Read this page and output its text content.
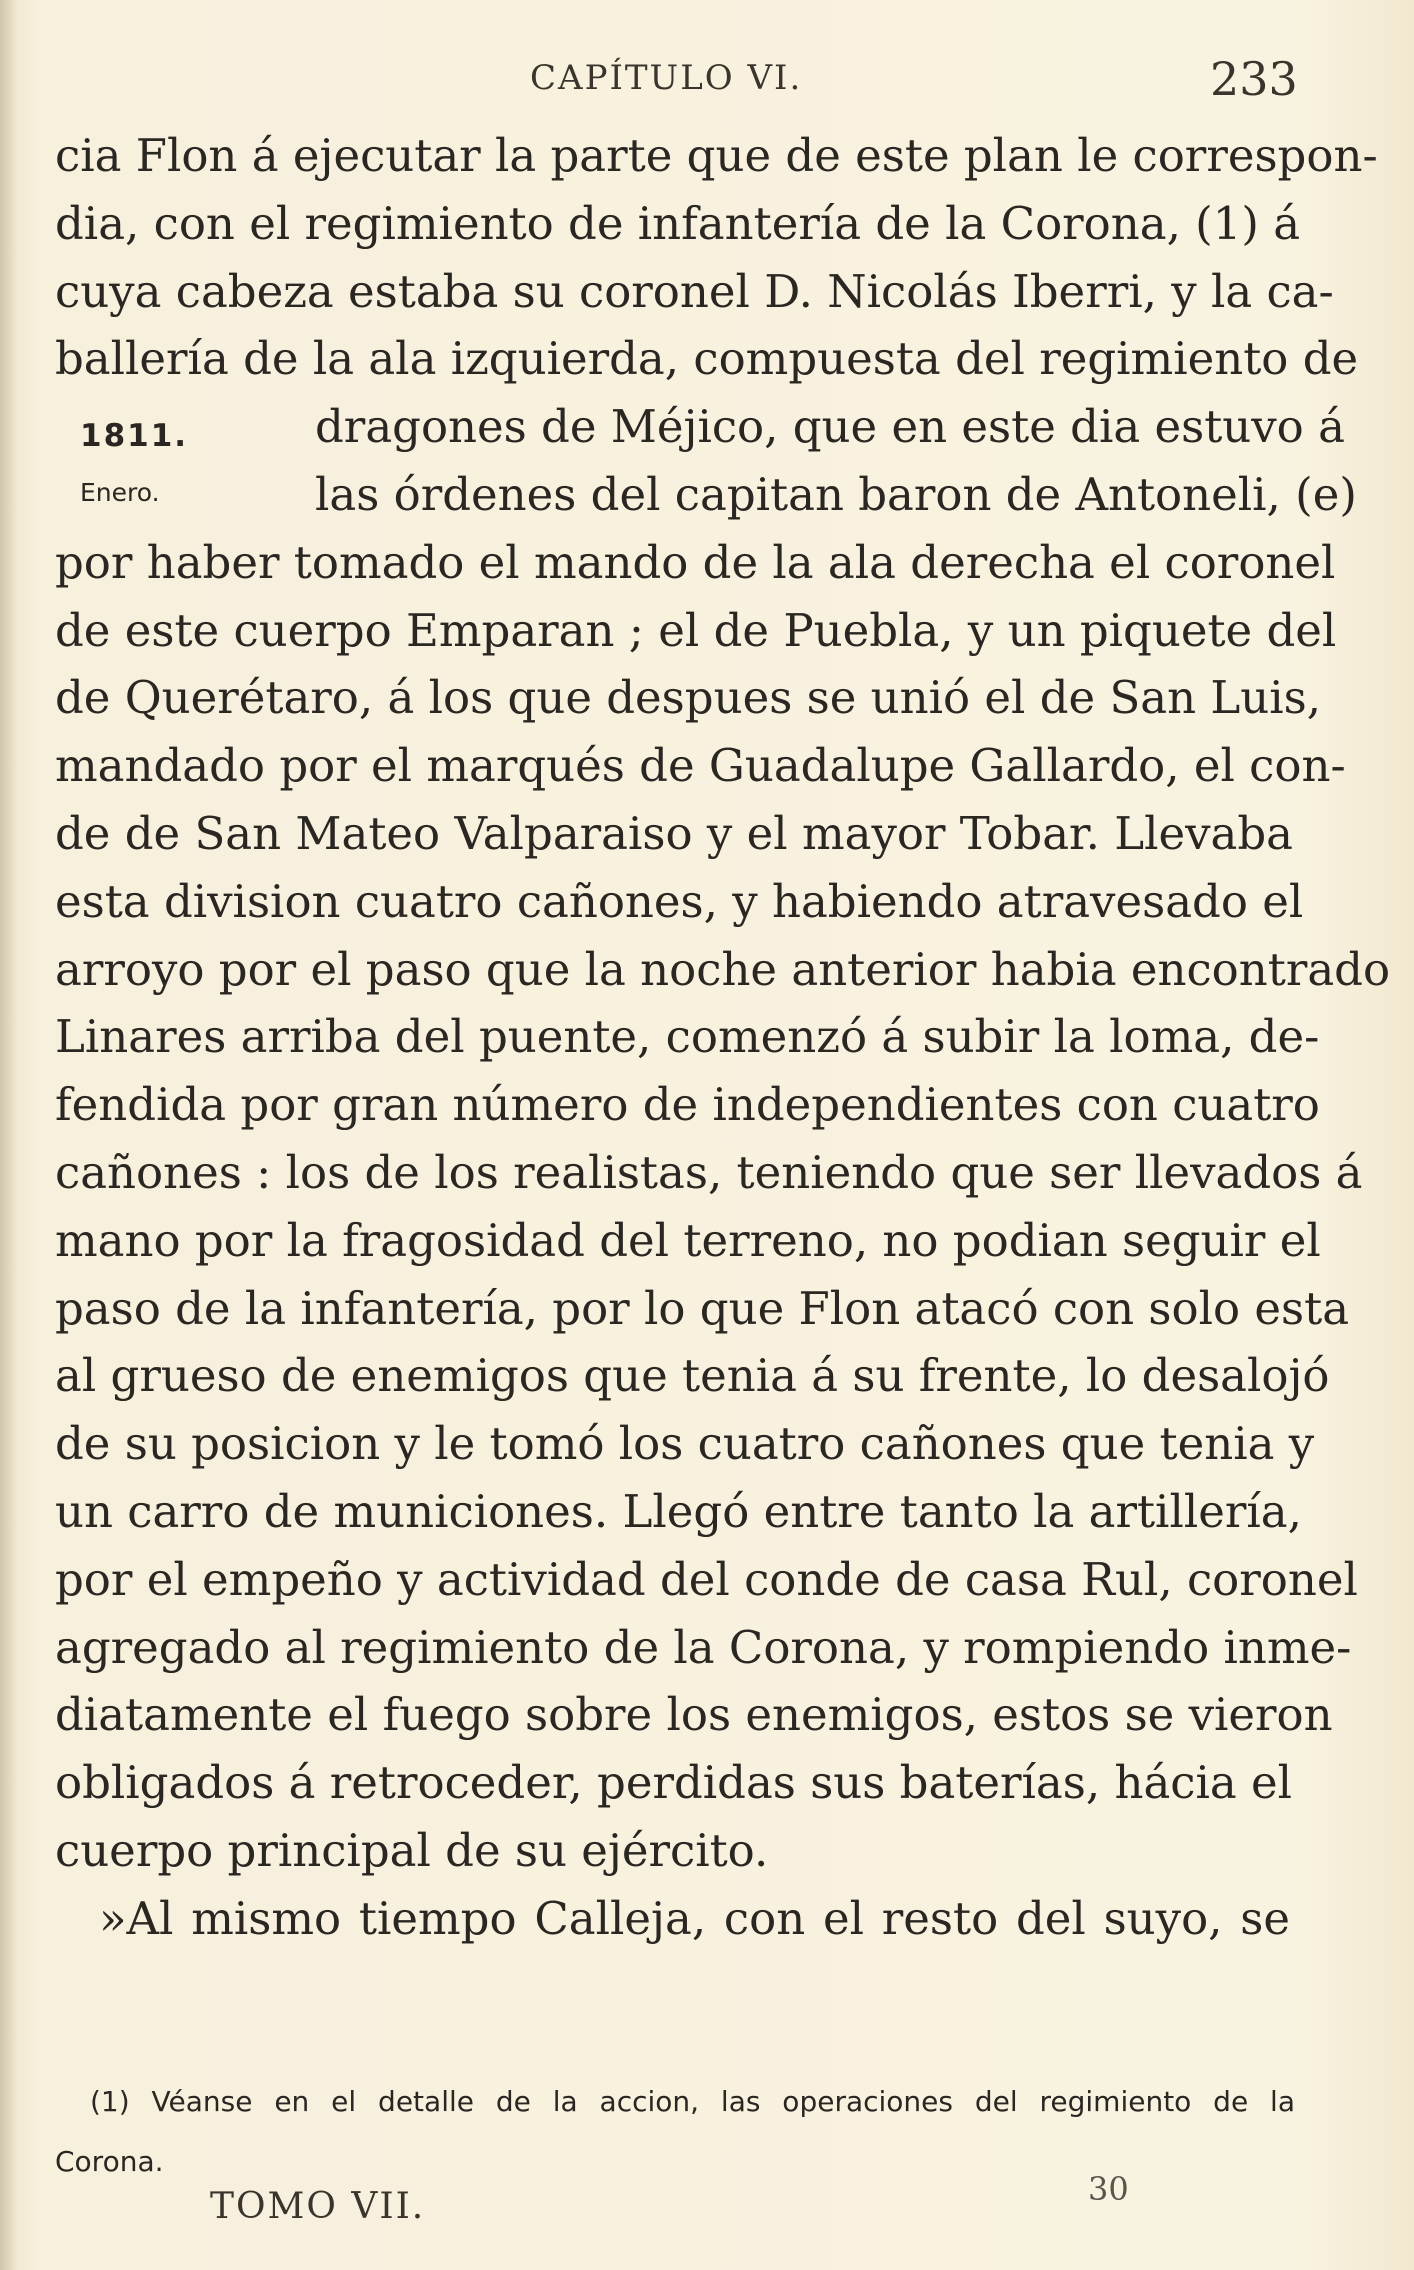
CAPÍTULO VI.	233
1811.
Enero.
cia Flon á ejecutar la parte que de este plan le correspon-
dia, con el regimiento de infantería de la Corona, (1) á
cuya cabeza estaba su coronel D. Nicolás Iberri, y la ca-
ballería de la ala izquierda, compuesta del regimiento de
dragones de Méjico, que en este dia estuvo á
las órdenes del capitan baron de Antoneli, (e)
por haber tomado el mando de la ala derecha el coronel
de este cuerpo Emparan ; el de Puebla, y un piquete del
de Querétaro, á los que despues se unió el de San Luis,
mandado por el marqués de Guadalupe Gallardo, el con-
de de San Mateo Valparaiso y el mayor Tobar. Llevaba
esta division cuatro cañones, y habiendo atravesado el
arroyo por el paso que la noche anterior habia encontrado
Linares arriba del puente, comenzó á subir la loma, de-
fendida por gran número de independientes con cuatro
cañones : los de los realistas, teniendo que ser llevados á
mano por la fragosidad del terreno, no podian seguir el
paso de la infantería, por lo que Flon atacó con solo esta
al grueso de enemigos que tenia á su frente, lo desalojó
de su posicion y le tomó los cuatro cañones que tenia y
un carro de municiones. Llegó entre tanto la artillería,
por el empeño y actividad del conde de casa Rul, coronel
agregado al regimiento de la Corona, y rompiendo inme-
diatamente el fuego sobre los enemigos, estos se vieron
obligados á retroceder, perdidas sus baterías, hácia el
cuerpo principal de su ejército.
»Al mismo tiempo Calleja, con el resto del suyo, se
(1) Véanse en el detalle de la accion, las operaciones del regimiento de la
Corona.
TOMO VII.	30
